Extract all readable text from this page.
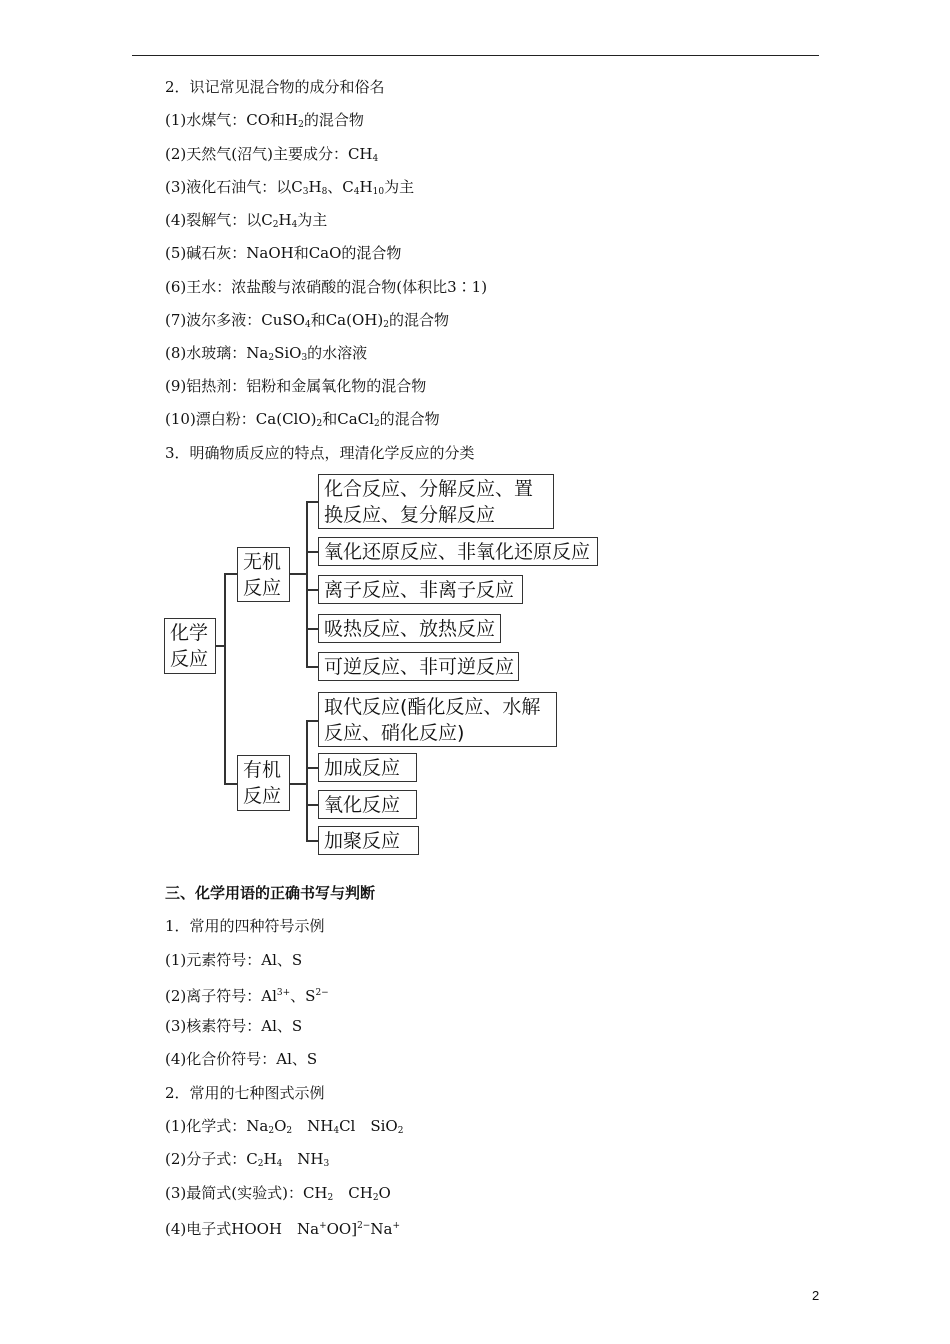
2．识记常见混合物的成分和俗名
(1)水煤气：CO和$H_2$的混合物
(2)天然气(沼气)主要成分：$CH_4$
(3)液化石油气：以$C_3H_8$、$C_4H_{10}$为主
(4)裂解气：以$C_2H_4$为主
(5)碱石灰：NaOH和CaO的混合物
(6)王水：浓盐酸与浓硝酸的混合物(体积比3∶1)
(7)波尔多液：CuSO$_4$和$Ca(OH)_2$的混合物
(8)水玻璃：$Na_2SiO_3$的水溶液
(9)铝热剂：铝粉和金属氧化物的混合物
(10)漂白粉：$Ca(ClO)_2$和CaCl$_2$的混合物
3．明确物质反应的特点，理清化学反应的分类
化学反应
无机反应
有机反应
化合反应、分解反应、置换反应、复分解反应
氧化还原反应、非氧化还原反应
离子反应、非离子反应
吸热反应、放热反应
可逆反应、非可逆反应
取代反应(酯化反应、水解反应、硝化反应)
加成反应
氧化反应
加聚反应
三、化学用语的正确书写与判断
1．常用的四种符号示例
(1)元素符号：Al、S
(2)离子符号：$Al^{3+}$、$S^{2-}$
(3)核素符号：Al、S
(4)化合价符号：Al、S
2．常用的七种图式示例
(1)化学式：$Na_2O_2$　$NH_4Cl$　SiO$_2$
(2)分子式：$C_2H_4$　$NH_3$
(3)最简式(实验式)：$CH_2$　$CH_2O$
(4)电子式HOOH　Na+OO]$^{2-}$Na+
2
